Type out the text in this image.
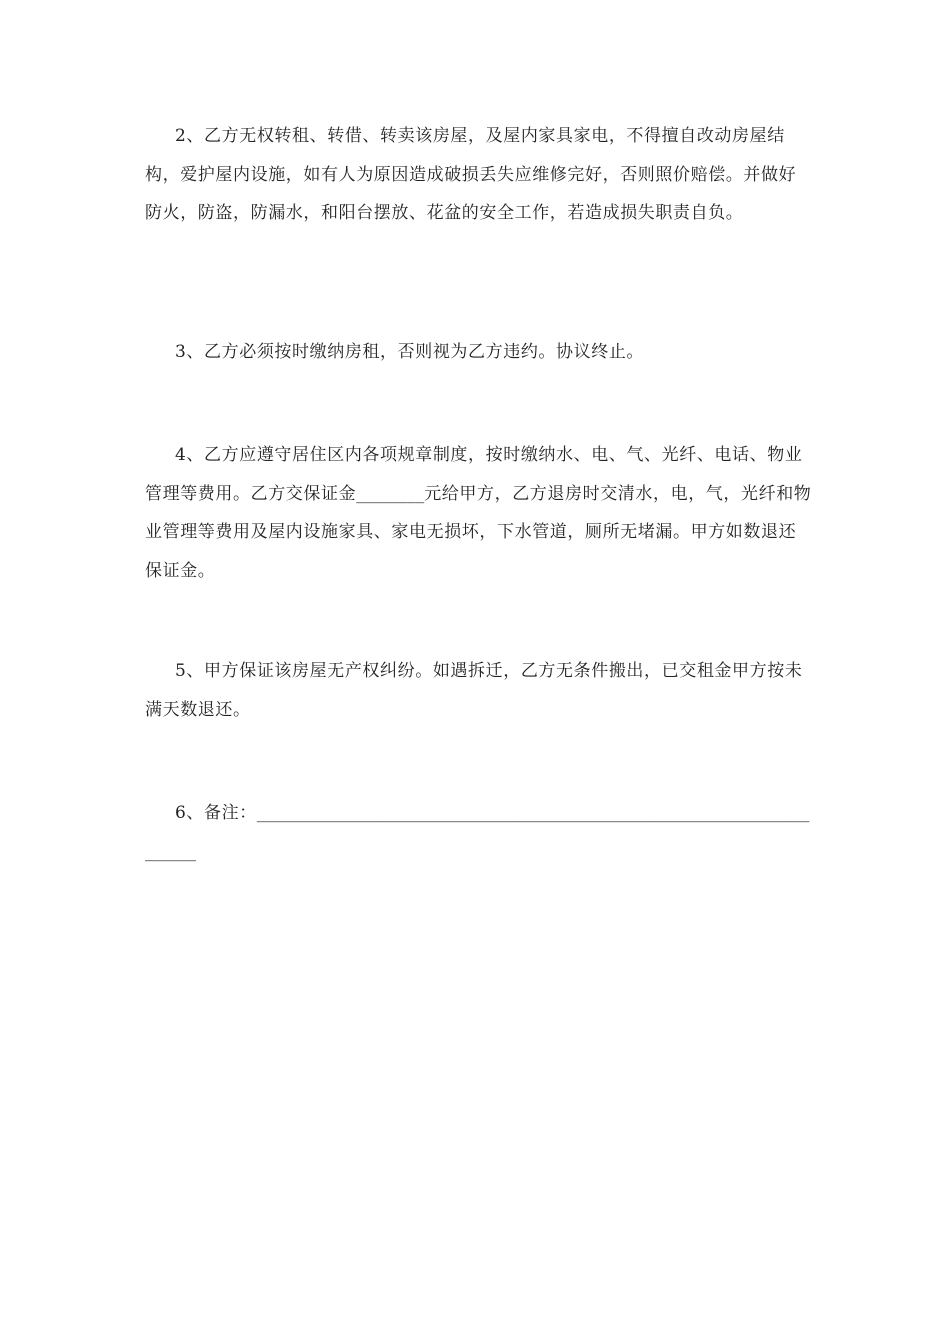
2、乙方无权转租、转借、转卖该房屋，及屋内家具家电，不得擅自改动房屋结构，爱护屋内设施，如有人为原因造成破损丢失应维修完好，否则照价赔偿。并做好防火，防盗，防漏水，和阳台摆放、花盆的安全工作，若造成损失职责自负。

3、乙方必须按时缴纳房租，否则视为乙方违约。协议终止。

4、乙方应遵守居住区内各项规章制度，按时缴纳水、电、气、光纤、电话、物业管理等费用。乙方交保证金________元给甲方，乙方退房时交清水，电，气，光纤和物业管理等费用及屋内设施家具、家电无损坏，下水管道，厕所无堵漏。甲方如数退还保证金。

5、甲方保证该房屋无产权纠纷。如遇拆迁，乙方无条件搬出，已交租金甲方按未满天数退还。

6、备注：_______________________________________________________________________
